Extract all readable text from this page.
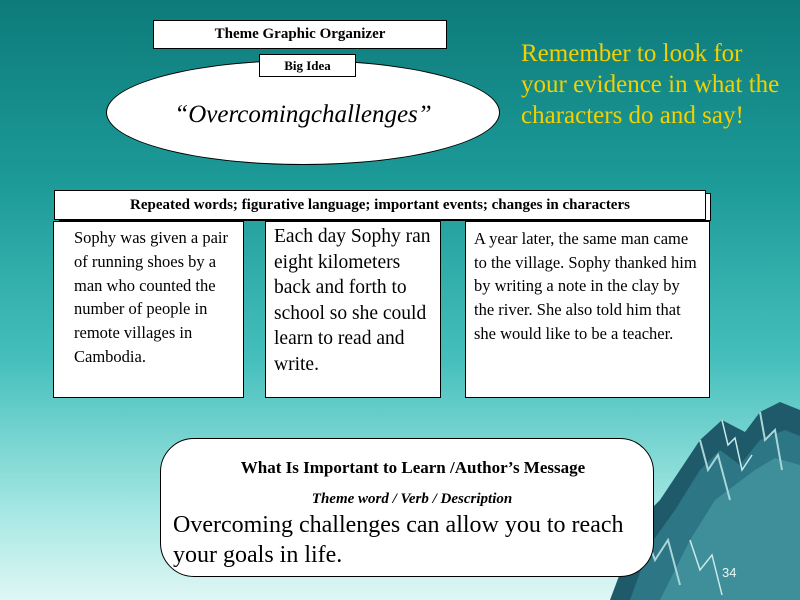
Theme Graphic Organizer
“Overcomingchallenges”
Big Idea	Remember to look for your evidence in what the characters do and say!
Repeated words; figurative language; important events; changes in characters
Sophy was given a pair of running shoes by a man who counted the number of people in remote villages in Cambodia.
Each day Sophy ran eight kilometers back and forth to school so she could learn to read and write.
A year later, the same man came to the village. Sophy thanked him by writing a note in the clay by the river. She also told him that she would like to be a teacher.
What Is Important to Learn /Author’s Message
Theme word / Verb / Description
Overcoming challenges can allow you to reach your goals in life.
34
